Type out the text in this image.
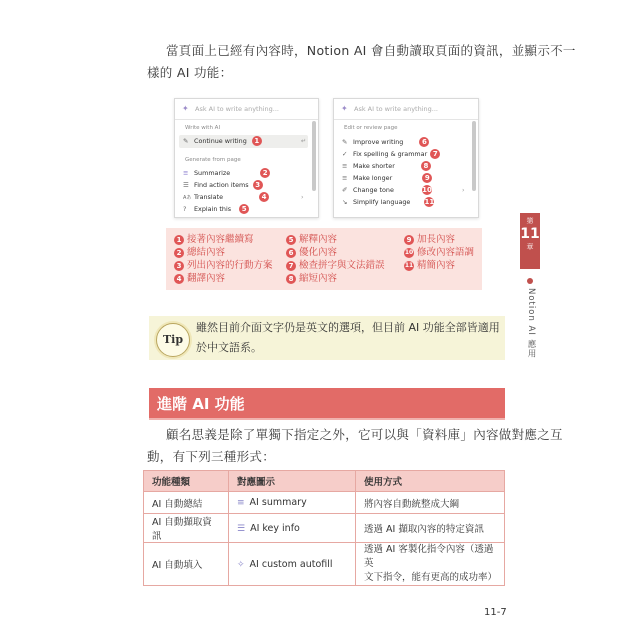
當頁面上已經有內容時，Notion AI 會自動讀取頁面的資訊，並顯示不一
樣的 AI 功能：
✦ Ask AI to write anything...
Write with AI
✎ Continue writing 1	↵
Generate from page
≡ Summarize	2
☰ Find action items 3
Aあ Translate	4	›
? Explain this 5
✦ Ask AI to write anything...
Edit or review page
✎ Improve writing	6
✓ Fix spelling & grammar 7
≡ Make shorter	8
≡ Make longer	9
✐ Change tone	10	›
↘ Simplify language 11
1 接著內容繼續寫
2 總結內容
3 列出內容的行動方案
4 翻譯內容
5 解釋內容
6 優化內容
7 檢查拼字與文法錯誤
8 縮短內容
9 加長內容
10 修改內容語調
11 精簡內容
第
11
章
Notion AI 應用
Tip
雖然目前介面文字仍是英文的選項，但目前 AI 功能全部皆適用於中文語系。
進階 AI 功能
顧名思義是除了單獨下指定之外，它可以與「資料庫」內容做對應之互
動，有下列三種形式：
功能種類	對應圖示	使用方式
AI 自動總結	≡ AI summary	將內容自動統整成大綱
AI 自動擷取資訊	☰ AI key info	透過 AI 擷取內容的特定資訊
AI 自動填入	✧ AI custom autofill	透過 AI 客製化指令內容（透過英
文下指令，能有更高的成功率）
11-7
